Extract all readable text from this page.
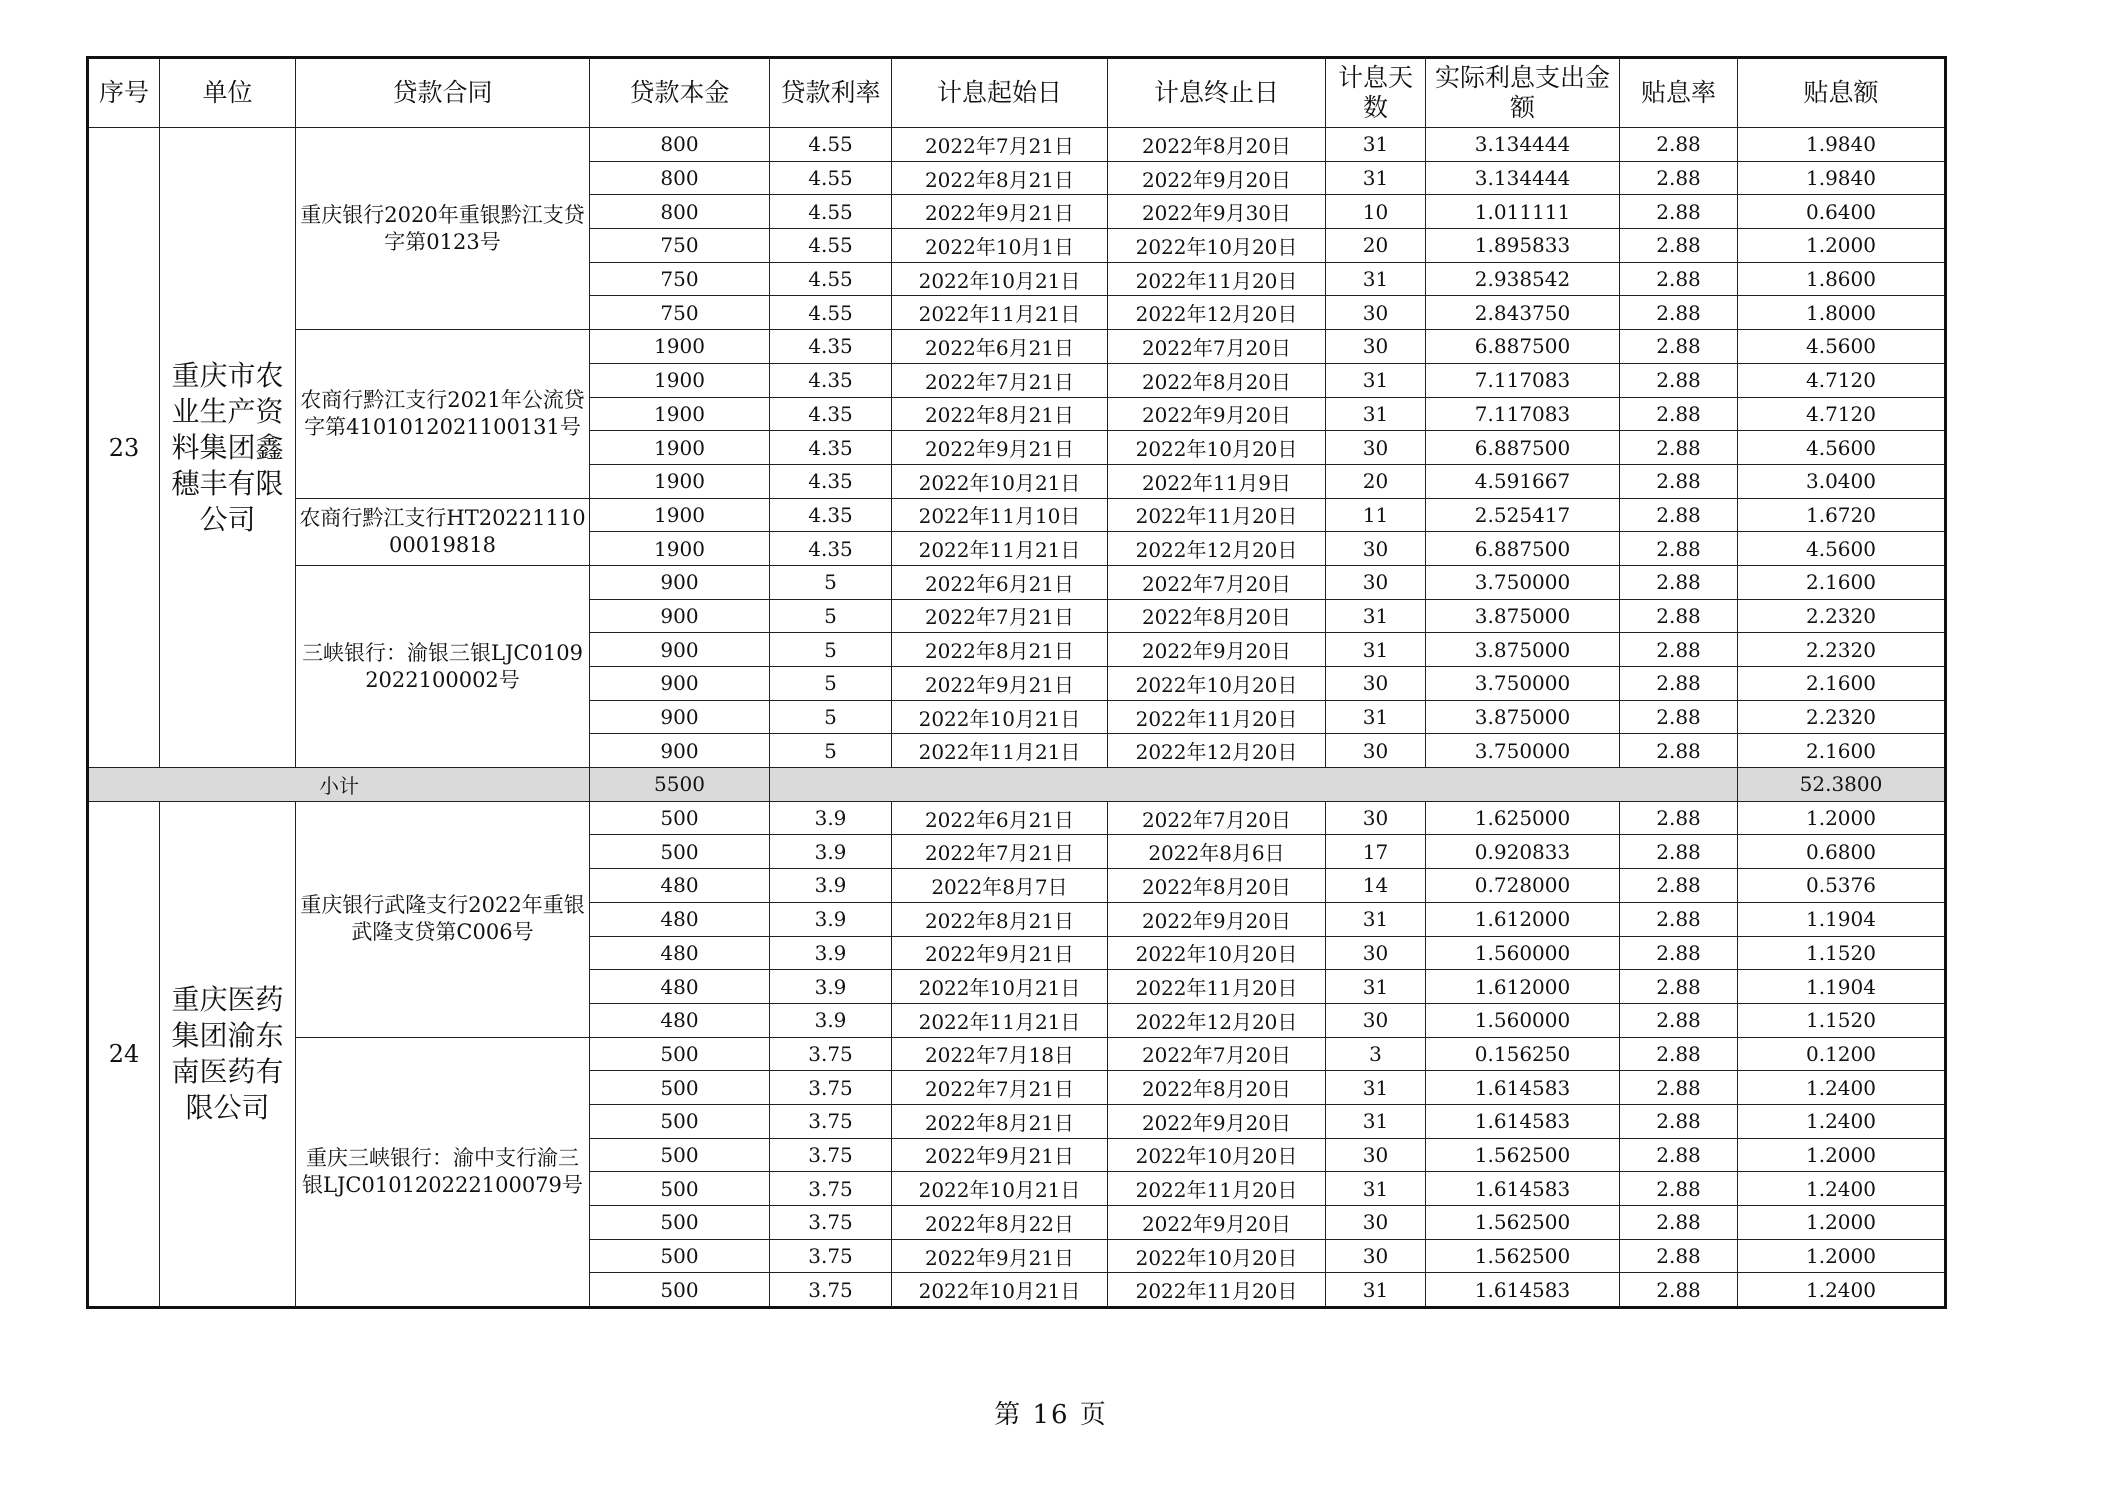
序号	单位	贷款合同	贷款本金	贷款利率	计息起始日	计息终止日	计息天数	实际利息支出金额	贴息率	贴息额
23	重庆市农业生产资料集团鑫穗丰有限公司	重庆银行2020年重银黔江支贷字第0123号	800	4.55	2022年7月21日	2022年8月20日	31	3.134444	2.88	1.9840
			800	4.55	2022年8月21日	2022年9月20日	31	3.134444	2.88	1.9840
			800	4.55	2022年9月21日	2022年9月30日	10	1.011111	2.88	0.6400
			750	4.55	2022年10月1日	2022年10月20日	20	1.895833	2.88	1.2000
			750	4.55	2022年10月21日	2022年11月20日	31	2.938542	2.88	1.8600
			750	4.55	2022年11月21日	2022年12月20日	30	2.843750	2.88	1.8000
		农商行黔江支行2021年公流贷字第4101012021100131号	1900	4.35	2022年6月21日	2022年7月20日	30	6.887500	2.88	4.5600
			1900	4.35	2022年7月21日	2022年8月20日	31	7.117083	2.88	4.7120
			1900	4.35	2022年8月21日	2022年9月20日	31	7.117083	2.88	4.7120
			1900	4.35	2022年9月21日	2022年10月20日	30	6.887500	2.88	4.5600
			1900	4.35	2022年10月21日	2022年11月9日	20	4.591667	2.88	3.0400
		农商行黔江支行HT2022111000019818	1900	4.35	2022年11月10日	2022年11月20日	11	2.525417	2.88	1.6720
			1900	4.35	2022年11月21日	2022年12月20日	30	6.887500	2.88	4.5600
		三峡银行：渝银三银LJC01092022100002号	900	5	2022年6月21日	2022年7月20日	30	3.750000	2.88	2.1600
			900	5	2022年7月21日	2022年8月20日	31	3.875000	2.88	2.2320
			900	5	2022年8月21日	2022年9月20日	31	3.875000	2.88	2.2320
			900	5	2022年9月21日	2022年10月20日	30	3.750000	2.88	2.1600
			900	5	2022年10月21日	2022年11月20日	31	3.875000	2.88	2.2320
			900	5	2022年11月21日	2022年12月20日	30	3.750000	2.88	2.1600
小计			5500							52.3800
24	重庆医药集团渝东南医药有限公司	重庆银行武隆支行2022年重银武隆支贷第C006号	500	3.9	2022年6月21日	2022年7月20日	30	1.625000	2.88	1.2000
			500	3.9	2022年7月21日	2022年8月6日	17	0.920833	2.88	0.6800
			480	3.9	2022年8月7日	2022年8月20日	14	0.728000	2.88	0.5376
			480	3.9	2022年8月21日	2022年9月20日	31	1.612000	2.88	1.1904
			480	3.9	2022年9月21日	2022年10月20日	30	1.560000	2.88	1.1520
			480	3.9	2022年10月21日	2022年11月20日	31	1.612000	2.88	1.1904
			480	3.9	2022年11月21日	2022年12月20日	30	1.560000	2.88	1.1520
		重庆三峡银行：渝中支行渝三银LJC010120222100079号	500	3.75	2022年7月18日	2022年7月20日	3	0.156250	2.88	0.1200
			500	3.75	2022年7月21日	2022年8月20日	31	1.614583	2.88	1.2400
			500	3.75	2022年8月21日	2022年9月20日	31	1.614583	2.88	1.2400
			500	3.75	2022年9月21日	2022年10月20日	30	1.562500	2.88	1.2000
			500	3.75	2022年10月21日	2022年11月20日	31	1.614583	2.88	1.2400
			500	3.75	2022年8月22日	2022年9月20日	30	1.562500	2.88	1.2000
			500	3.75	2022年9月21日	2022年10月20日	30	1.562500	2.88	1.2000
			500	3.75	2022年10月21日	2022年11月20日	31	1.614583	2.88	1.2400
第 16 页
